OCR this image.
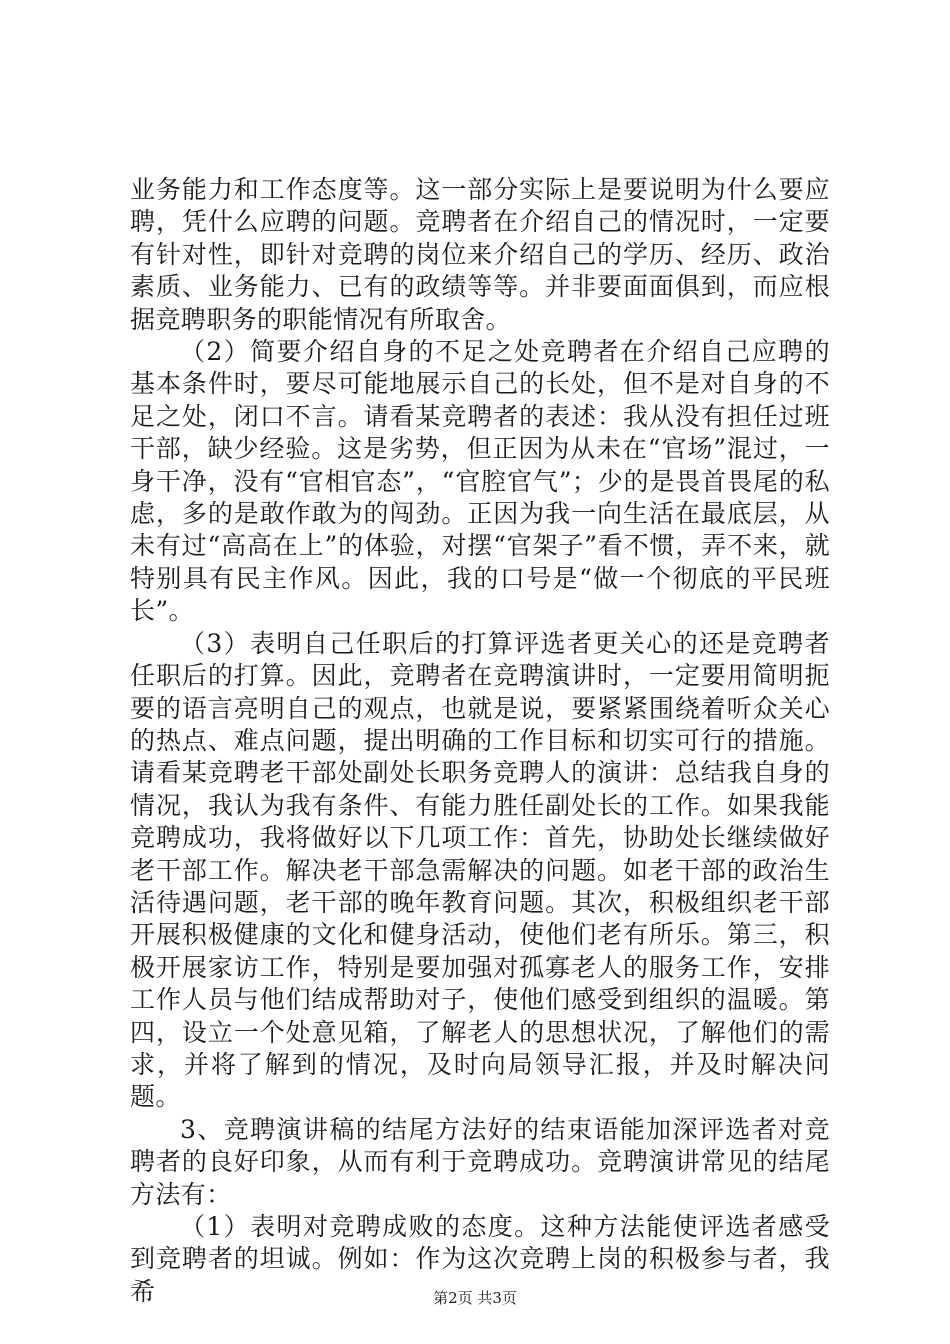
业务能力和工作态度等。这一部分实际上是要说明为什么要应聘，凭什么应聘的问题。竞聘者在介绍自己的情况时，一定要有针对性，即针对竞聘的岗位来介绍自己的学历、经历、政治素质、业务能力、已有的政绩等等。并非要面面俱到，而应根据竞聘职务的职能情况有所取舍。

（2）简要介绍自身的不足之处竞聘者在介绍自己应聘的基本条件时，要尽可能地展示自己的长处，但不是对自身的不足之处，闭口不言。请看某竞聘者的表述：我从没有担任过班干部，缺少经验。这是劣势，但正因为从未在“官场”混过，一身干净，没有“官相官态”，“官腔官气”；少的是畏首畏尾的私虑，多的是敢作敢为的闯劲。正因为我一向生活在最底层，从未有过“高高在上”的体验，对摆“官架子”看不惯，弄不来，就特别具有民主作风。因此，我的口号是“做一个彻底的平民班长”。

（3）表明自己任职后的打算评选者更关心的还是竞聘者任职后的打算。因此，竞聘者在竞聘演讲时，一定要用简明扼要的语言亮明自己的观点，也就是说，要紧紧围绕着听众关心的热点、难点问题，提出明确的工作目标和切实可行的措施。请看某竞聘老干部处副处长职务竞聘人的演讲：总结我自身的情况，我认为我有条件、有能力胜任副处长的工作。如果我能竞聘成功，我将做好以下几项工作：首先，协助处长继续做好老干部工作。解决老干部急需解决的问题。如老干部的政治生活待遇问题，老干部的晚年教育问题。其次，积极组织老干部开展积极健康的文化和健身活动，使他们老有所乐。第三，积极开展家访工作，特别是要加强对孤寡老人的服务工作，安排工作人员与他们结成帮助对子，使他们感受到组织的温暖。第四，设立一个处意见箱，了解老人的思想状况，了解他们的需求，并将了解到的情况，及时向局领导汇报，并及时解决问题。

3、竞聘演讲稿的结尾方法好的结束语能加深评选者对竞聘者的良好印象，从而有利于竞聘成功。竞聘演讲常见的结尾方法有：

（1）表明对竞聘成败的态度。这种方法能使评选者感受到竞聘者的坦诚。例如：作为这次竞聘上岗的积极参与者，我希	第2页 共3页
